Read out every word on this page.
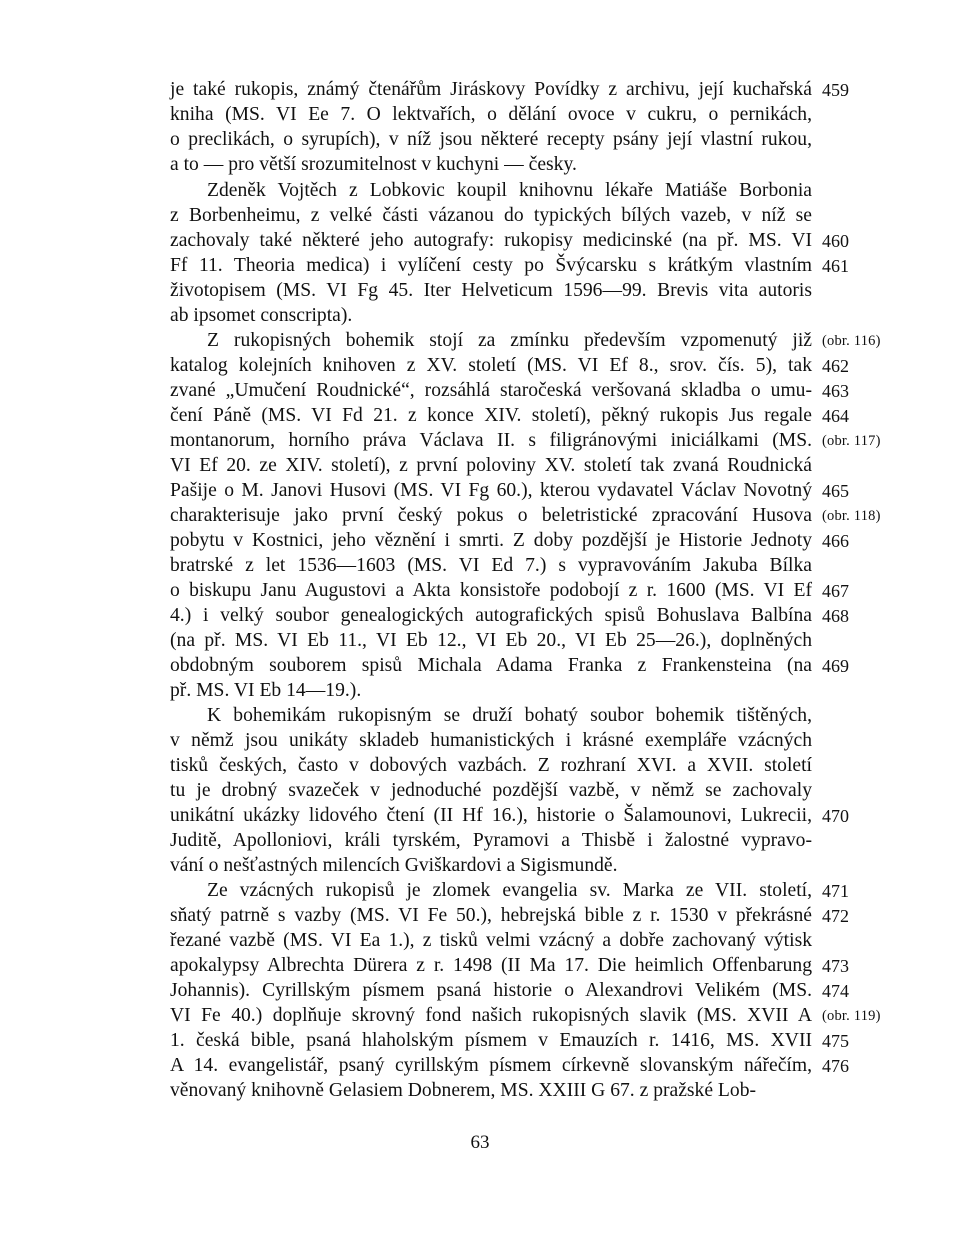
je také rukopis, známý čtenářům Jiráskovy Povídky z archivu, její kuchařská
kniha (MS. VI Ee 7. O lektvařích, o dělání ovoce v cukru, o pernikách,
o preclikách, o syrupích), v níž jsou některé recepty psány její vlastní rukou,
a to — pro větší srozumitelnost v kuchyni — česky.
Zdeněk Vojtěch z Lobkovic koupil knihovnu lékaře Matiáše Borbonia
z Borbenheimu, z velké části vázanou do typických bílých vazeb, v níž se
zachovaly také některé jeho autografy: rukopisy medicinské (na př. MS. VI
Ff 11. Theoria medica) i vylíčení cesty po Švýcarsku s krátkým vlastním
životopisem (MS. VI Fg 45. Iter Helveticum 1596—99. Brevis vita autoris
ab ipsomet conscripta).
Z rukopisných bohemik stojí za zmínku především vzpomenutý již
katalog kolejních knihoven z XV. století (MS. VI Ef 8., srov. čís. 5), tak
zvané „Umučení Roudnické“, rozsáhlá staročeská veršovaná skladba o umu-
čení Páně (MS. VI Fd 21. z konce XIV. století), pěkný rukopis Jus regale
montanorum, horního práva Václava II. s filigránovými iniciálkami (MS.
VI Ef 20. ze XIV. století), z první poloviny XV. století tak zvaná Roudnická
Pašije o M. Janovi Husovi (MS. VI Fg 60.), kterou vydavatel Václav Novotný
charakterisuje jako první český pokus o beletristické zpracování Husova
pobytu v Kostnici, jeho věznění i smrti. Z doby pozdější je Historie Jednoty
bratrské z let 1536—1603 (MS. VI Ed 7.) s vypravováním Jakuba Bílka
o biskupu Janu Augustovi a Akta konsistoře podobojí z r. 1600 (MS. VI Ef
4.) i velký soubor genealogických autografických spisů Bohuslava Balbína
(na př. MS. VI Eb 11., VI Eb 12., VI Eb 20., VI Eb 25—26.), doplněných
obdobným souborem spisů Michala Adama Franka z Frankensteina (na
př. MS. VI Eb 14—19.).
K bohemikám rukopisným se druží bohatý soubor bohemik tištěných,
v němž jsou unikáty skladeb humanistických i krásné exempláře vzácných
tisků českých, často v dobových vazbách. Z rozhraní XVI. a XVII. století
tu je drobný svazeček v jednoduché pozdější vazbě, v němž se zachovaly
unikátní ukázky lidového čtení (II Hf 16.), historie o Šalamounovi, Lukrecii,
Juditě, Apolloniovi, králi tyrském, Pyramovi a Thisbě i žalostné vypravo-
vání o nešťastných milencích Gviškardovi a Sigismundě.
Ze vzácných rukopisů je zlomek evangelia sv. Marka ze VII. století,
sňatý patrně s vazby (MS. VI Fe 50.), hebrejská bible z r. 1530 v překrásné
řezané vazbě (MS. VI Ea 1.), z tisků velmi vzácný a dobře zachovaný výtisk
apokalypsy Albrechta Dürera z r. 1498 (II Ma 17. Die heimlich Offenbarung
Johannis). Cyrillským písmem psaná historie o Alexandrovi Velikém (MS.
VI Fe 40.) doplňuje skrovný fond našich rukopisných slavik (MS. XVII A
1. česká bible, psaná hlaholským písmem v Emauzích r. 1416, MS. XVII
A 14. evangelistář, psaný cyrillským písmem církevně slovanským nářečím,
věnovaný knihovně Gelasiem Dobnerem, MS. XXIII G 67. z pražské Lob-
459
460
461
(obr. 116)
462
463
464
(obr. 117)
465
(obr. 118)
466
467
468
469
470
471
472
473
474
(obr. 119)
475
476
63
